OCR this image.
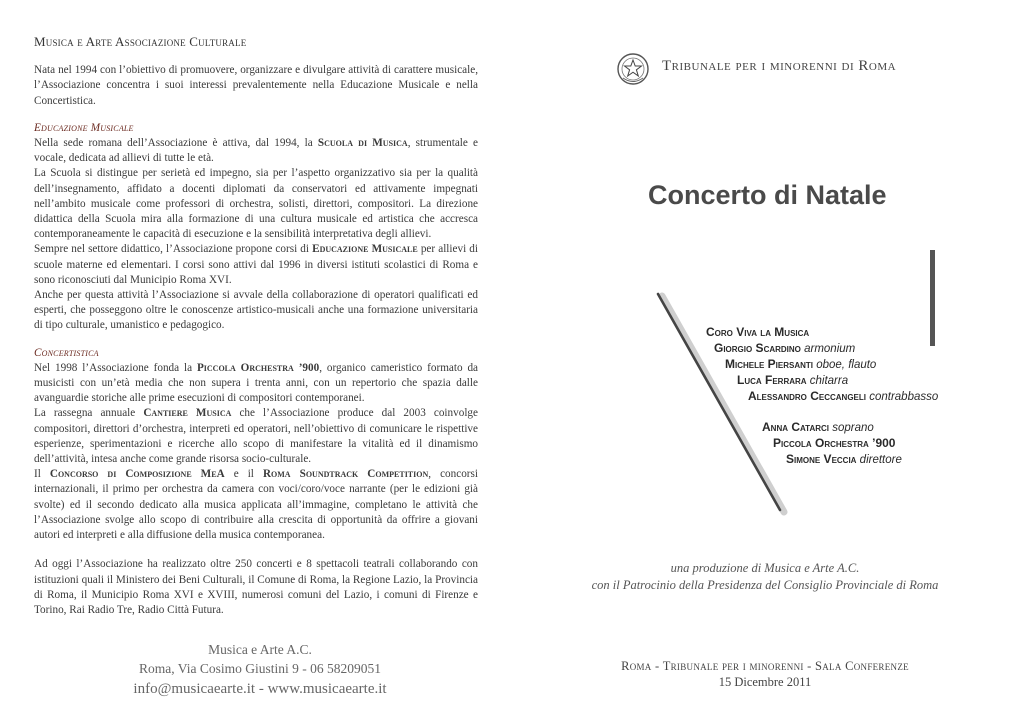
Musica e Arte Associazione Culturale

Nata nel 1994 con l’obiettivo di promuovere, organizzare e divulgare attività di carattere musicale, l’Associazione concentra i suoi interessi prevalentemente nella Educazione Musicale e nella Concertistica.

Educazione Musicale

Nella sede romana dell’Associazione è attiva, dal 1994, la Scuola di Musica, strumentale e vocale, dedicata ad allievi di tutte le età.

La Scuola si distingue per serietà ed impegno, sia per l’aspetto organizzativo sia per la qualità dell’insegnamento, affidato a docenti diplomati da conservatori ed attivamente impegnati nell’ambito musicale come professori di orchestra, solisti, direttori, compositori. La direzione didattica della Scuola mira alla formazione di una cultura musicale ed artistica che accresca contemporaneamente le capacità di esecuzione e la sensibilità interpretativa degli allievi.

Sempre nel settore didattico, l’Associazione propone corsi di Educazione Musicale per allievi di scuole materne ed elementari. I corsi sono attivi dal 1996 in diversi istituti scolastici di Roma e sono riconosciuti dal Municipio Roma XVI.

Anche per questa attività l’Associazione si avvale della collaborazione di operatori qualificati ed esperti, che posseggono oltre le conoscenze artistico-musicali anche una formazione universitaria di tipo culturale, umanistico e pedagogico.

Concertistica

Nel 1998 l’Associazione fonda la Piccola Orchestra ’900, organico cameristico formato da musicisti con un’età media che non supera i trenta anni, con un repertorio che spazia dalle avanguardie storiche alle prime esecuzioni di compositori contemporanei.

La rassegna annuale Cantiere Musica che l’Associazione produce dal 2003 coinvolge compositori, direttori d’orchestra, interpreti ed operatori, nell’obiettivo di comunicare le rispettive esperienze, sperimentazioni e ricerche allo scopo di manifestare la vitalità ed il dinamismo dell’attività, intesa anche come grande risorsa socio-culturale.

Il Concorso di Composizione MeA e il Roma Soundtrack Competition, concorsi internazionali, il primo per orchestra da camera con voci/coro/voce narrante (per le edizioni già svolte) ed il secondo dedicato alla musica applicata all’immagine, completano le attività che l’Associazione svolge allo scopo di contribuire alla crescita di opportunità da offrire a giovani autori ed interpreti e alla diffusione della musica contemporanea.

Ad oggi l’Associazione ha realizzato oltre 250 concerti e 8 spettacoli teatrali collaborando con istituzioni quali il Ministero dei Beni Culturali, il Comune di Roma, la Regione Lazio, la Provincia di Roma, il Municipio Roma XVI e XVIII, numerosi comuni del Lazio, i comuni di Firenze e Torino, Rai Radio Tre, Radio Città Futura.

Musica e Arte A.C.
Roma, Via Cosimo Giustini 9 - 06 58209051
info@musicaearte.it - www.musicaearte.it
Tribunale per i minorenni di Roma
Concerto di Natale
Coro Viva la Musica
Giorgio Scardino armonium
Michele Piersanti oboe, flauto
Luca Ferrara chitarra
Alessandro Ceccangeli contrabbasso
Anna Catarci soprano
Piccola Orchestra ’900
Simone Veccia direttore
una produzione di Musica e Arte A.C.
con il Patrocinio della Presidenza del Consiglio Provinciale di Roma
Roma - Tribunale per i minorenni - Sala Conferenze
15 Dicembre 2011
